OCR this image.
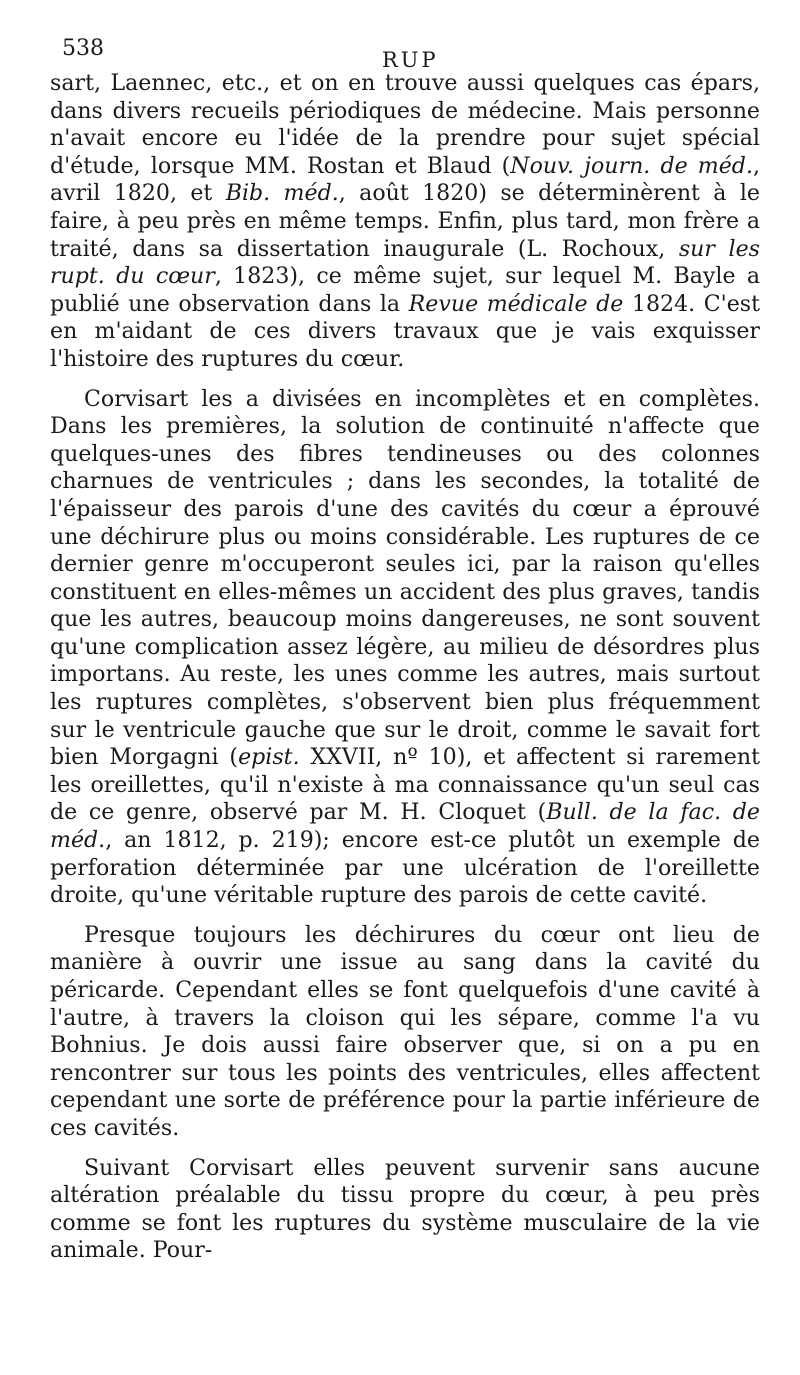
538	RUP

sart, Laennec, etc., et on en trouve aussi quelques cas épars, dans divers recueils périodiques de médecine. Mais personne n'avait encore eu l'idée de la prendre pour sujet spécial d'étude, lorsque MM. Rostan et Blaud (Nouv. journ. de méd., avril 1820, et Bib. méd., août 1820) se déterminèrent à le faire, à peu près en même temps. Enfin, plus tard, mon frère a traité, dans sa dissertation inaugurale (L. Rochoux, sur les rupt. du cœur, 1823), ce même sujet, sur lequel M. Bayle a publié une observation dans la Revue médicale de 1824. C'est en m'aidant de ces divers travaux que je vais exquisser l'histoire des ruptures du cœur.

Corvisart les a divisées en incomplètes et en complètes. Dans les premières, la solution de continuité n'affecte que quelques-unes des fibres tendineuses ou des colonnes charnues de ventricules ; dans les secondes, la totalité de l'épaisseur des parois d'une des cavités du cœur a éprouvé une déchirure plus ou moins considérable. Les ruptures de ce dernier genre m'occuperont seules ici, par la raison qu'elles constituent en elles-mêmes un accident des plus graves, tandis que les autres, beaucoup moins dangereuses, ne sont souvent qu'une complication assez légère, au milieu de désordres plus importans. Au reste, les unes comme les autres, mais surtout les ruptures complètes, s'observent bien plus fréquemment sur le ventricule gauche que sur le droit, comme le savait fort bien Morgagni (epist. XXVII, nº 10), et affectent si rarement les oreillettes, qu'il n'existe à ma connaissance qu'un seul cas de ce genre, observé par M. H. Cloquet (Bull. de la fac. de méd., an 1812, p. 219); encore est-ce plutôt un exemple de perforation déterminée par une ulcération de l'oreillette droite, qu'une véritable rupture des parois de cette cavité.

Presque toujours les déchirures du cœur ont lieu de manière à ouvrir une issue au sang dans la cavité du péricarde. Cependant elles se font quelquefois d'une cavité à l'autre, à travers la cloison qui les sépare, comme l'a vu Bohnius. Je dois aussi faire observer que, si on a pu en rencontrer sur tous les points des ventricules, elles affectent cependant une sorte de préférence pour la partie inférieure de ces cavités.

Suivant Corvisart elles peuvent survenir sans aucune altération préalable du tissu propre du cœur, à peu près comme se font les ruptures du système musculaire de la vie animale. Pour-
